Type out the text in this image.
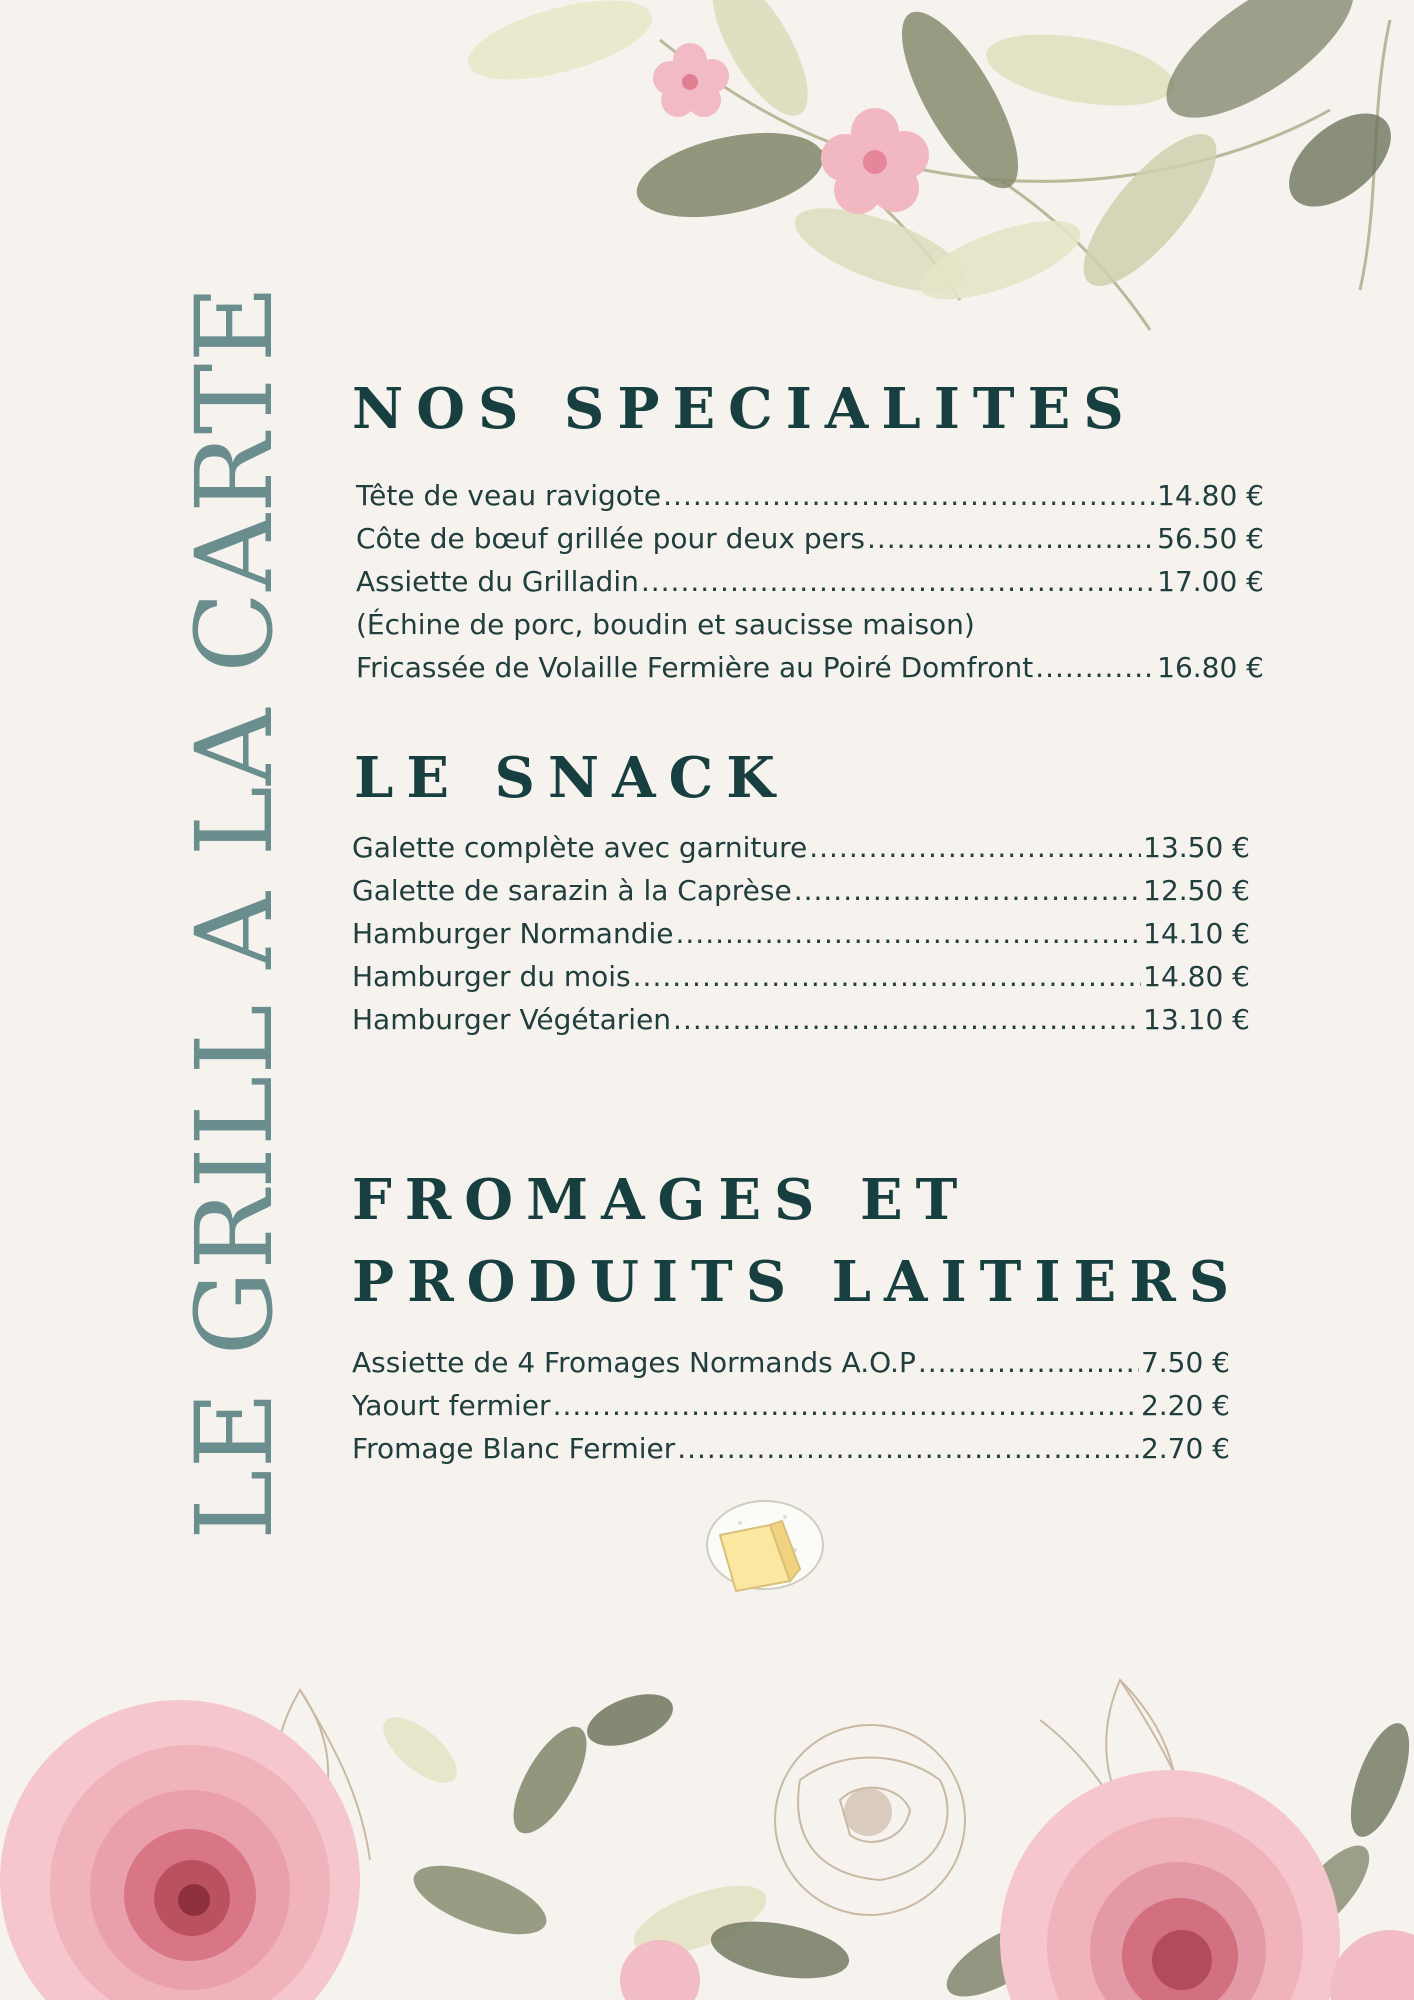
LE GRILL A LA CARTE NOS SPECIALITES
Tête de veau ravigote .....	14.80 €
Côte de bœuf grillée pour deux pers .....	56.50 €
Assiette du Grilladin .....	17.00 €
(Échine de porc, boudin et saucisse maison)
Fricassée de Volaille Fermière au Poiré Domfront .....	16.80 €
LE SNACK
Galette complète avec garniture .....	13.50 €
Galette de sarazin à la Caprèse .....	12.50 €
Hamburger Normandie .....	14.10 €
Hamburger du mois .....	14.80 €
Hamburger Végétarien .....	13.10 €
FROMAGES ET
PRODUITS LAITIERS
Assiette de 4 Fromages Normands A.O.P .....	7.50 €
Yaourt fermier .....	2.20 €
Fromage Blanc Fermier .....	2.70 €
